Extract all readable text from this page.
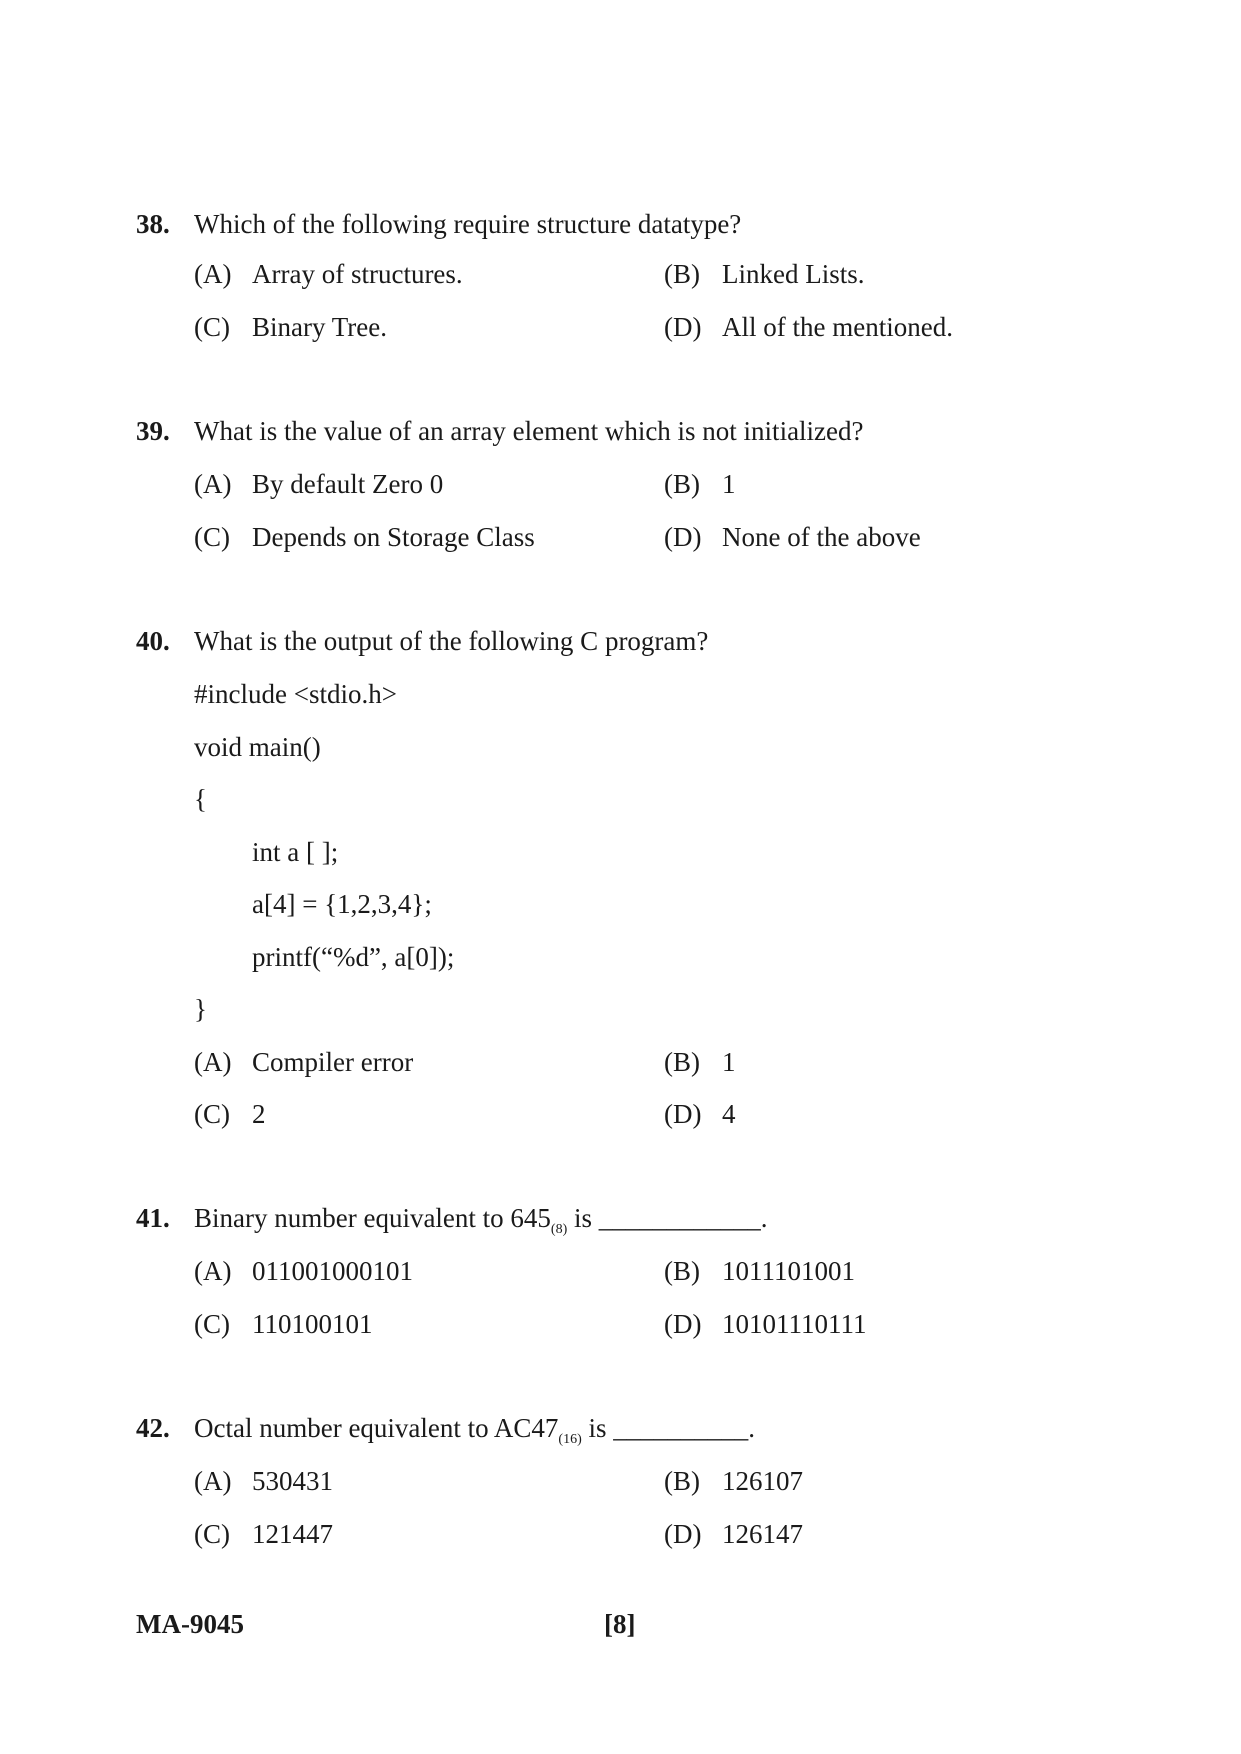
38. Which of the following require structure datatype?
(A) Array of structures.	(B) Linked Lists.
(C) Binary Tree.	(D) All of the mentioned.
39. What is the value of an array element which is not initialized?
(A) By default Zero 0	(B) 1
(C) Depends on Storage Class	(D) None of the above
40. What is the output of the following C program?
#include <stdio.h>
void main()
{
int a [ ];
a[4] = {1,2,3,4};
printf(“%d”, a[0]);
}
(A) Compiler error	(B) 1
(C) 2	(D) 4
41. Binary number equivalent to $645_{(8)}$ is ____________.
(A) 011001000101	(B) 1011101001
(C) 110100101	(D) 10101110111
42. Octal number equivalent to $AC47_{(16)}$ is __________.
(A) 530431	(B) 126107
(C) 121447	(D) 126147
MA-9045	[8]
